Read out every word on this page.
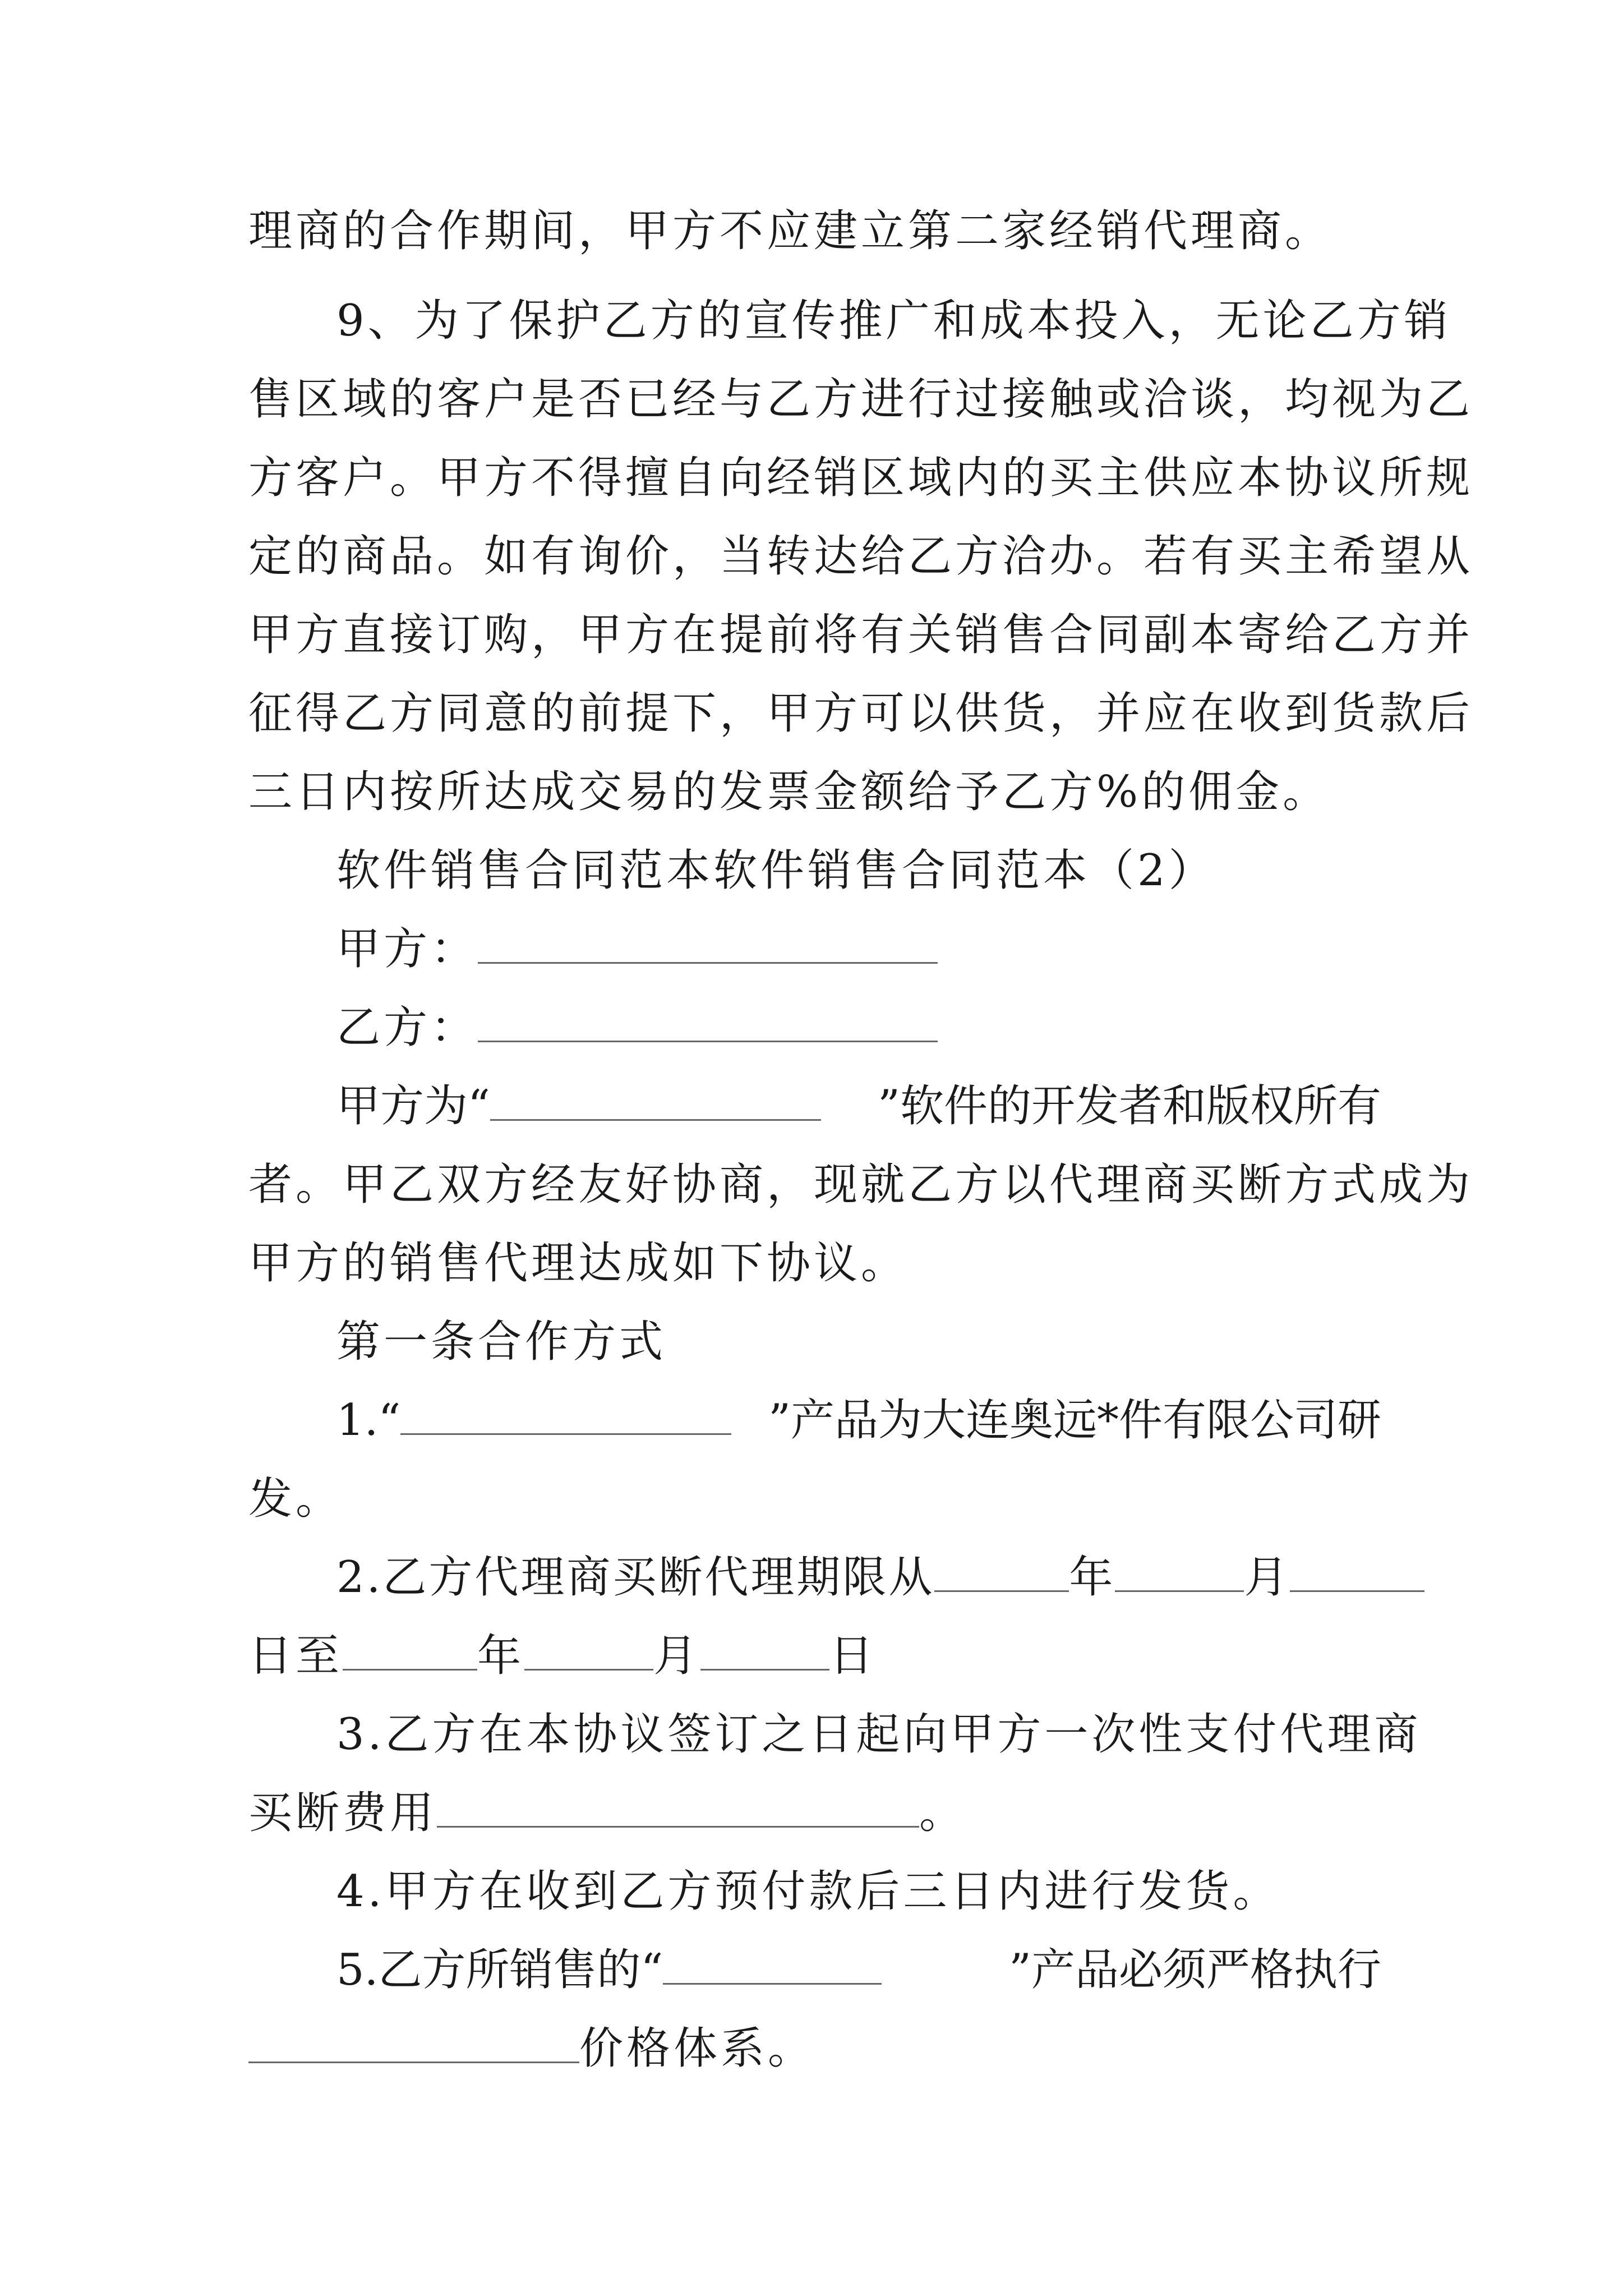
理商的合作期间，甲方不应建立第二家经销代理商。
9、为了保护乙方的宣传推广和成本投入，无论乙方销
售区域的客户是否已经与乙方进行过接触或洽谈，均视为乙
方客户。甲方不得擅自向经销区域内的买主供应本协议所规
定的商品。如有询价，当转达给乙方洽办。若有买主希望从
甲方直接订购，甲方在提前将有关销售合同副本寄给乙方并
征得乙方同意的前提下，甲方可以供货，并应在收到货款后
三日内按所达成交易的发票金额给予乙方%的佣金。
软件销售合同范本软件销售合同范本（2）
甲方：
乙方：
甲方为“	”软件的开发者和版权所有
者。甲乙双方经友好协商，现就乙方以代理商买断方式成为
甲方的销售代理达成如下协议。
第一条合作方式
1.“	”产品为大连奥远*件有限公司研
发。
2.乙方代理商买断代理期限从	年	月
日至	年	月	日
3.乙方在本协议签订之日起向甲方一次性支付代理商
买断费用	。
4.甲方在收到乙方预付款后三日内进行发货。
5.乙方所销售的“	”产品必须严格执行
价格体系。
